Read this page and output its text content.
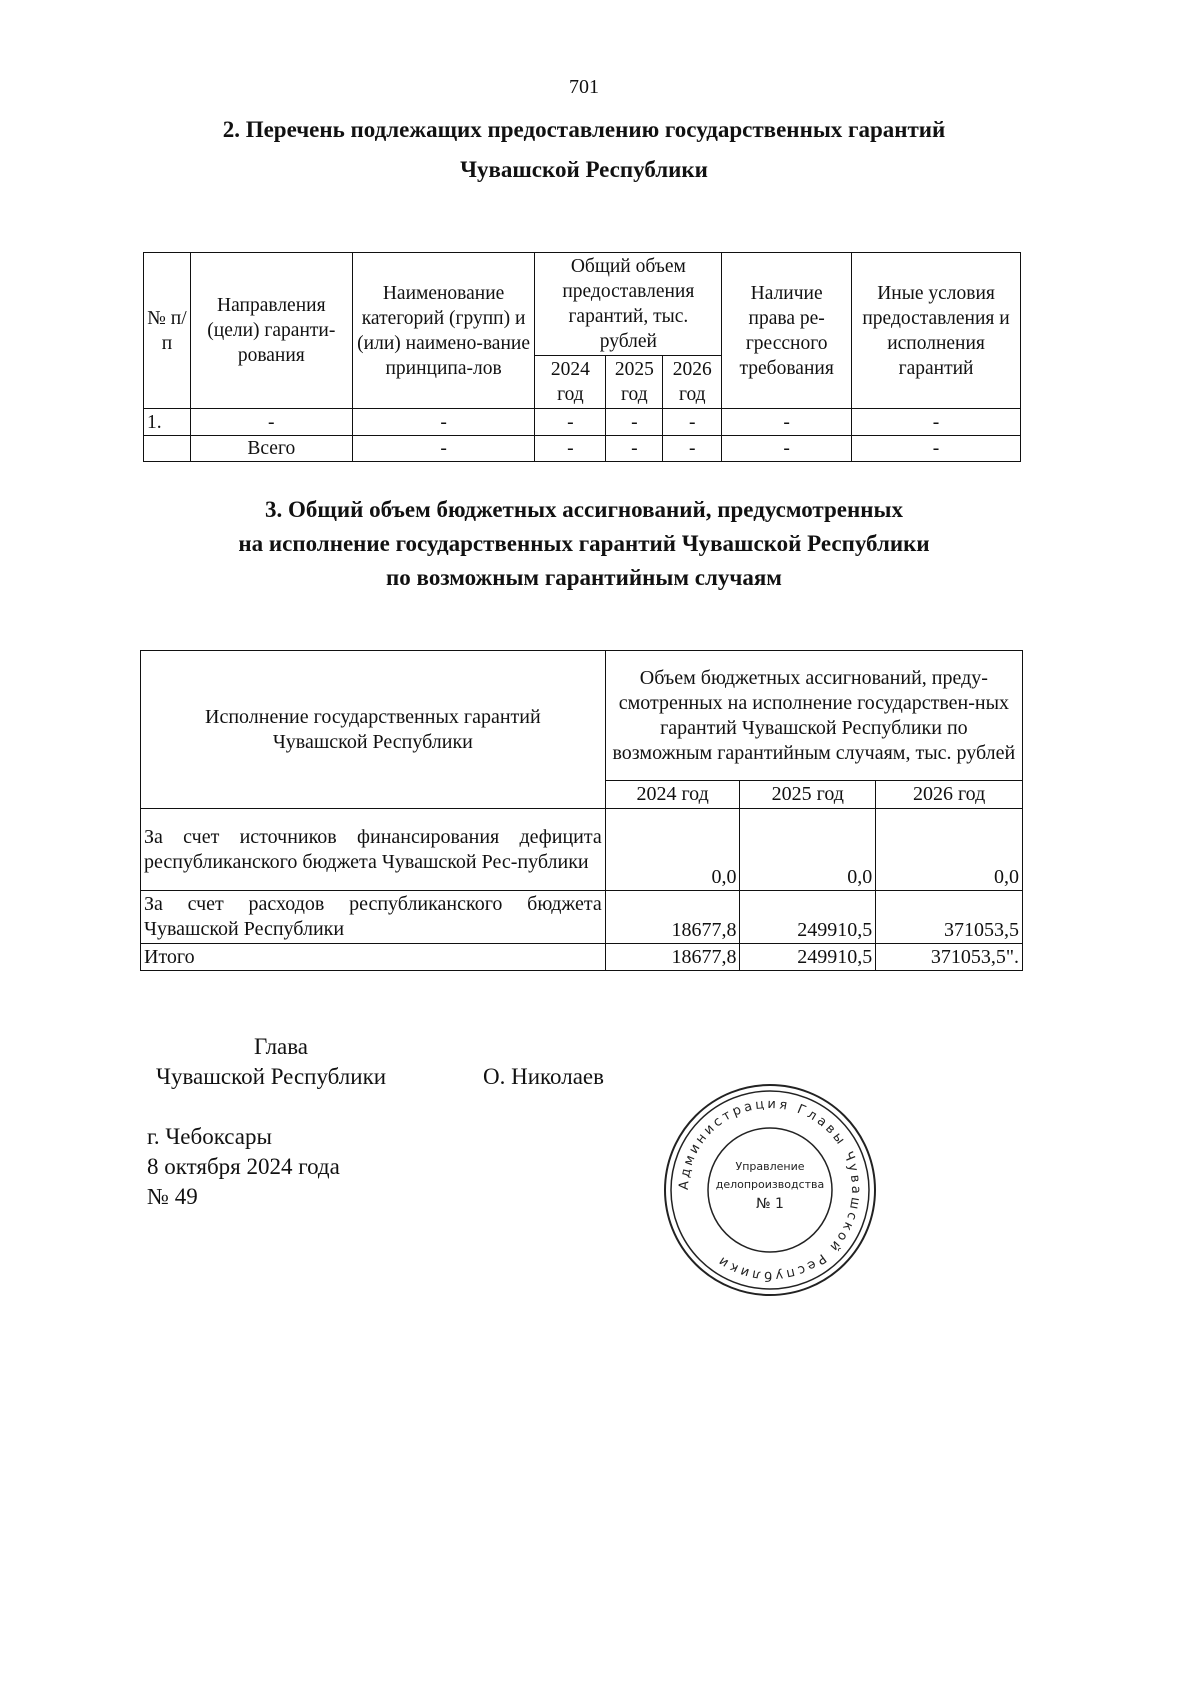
701
2. Перечень подлежащих предоставлению государственных гарантий
Чувашской Республики
№ п/п	Направления (цели) гаранти-рования	Наименование категорий (групп) и (или) наимено-вание принципа-лов	Общий объем предоставления гарантий, тыс. рублей			Наличие права ре-грессного требования	Иные условия предоставления и исполнения гарантий
			2024 год	2025 год	2026 год		
1.	-	-	-	-	-	-	-
	Всего	-	-	-	-	-	-
3. Общий объем бюджетных ассигнований, предусмотренных
на исполнение государственных гарантий Чувашской Республики
по возможным гарантийным случаям
Исполнение государственных гарантий Чувашской Республики	Объем бюджетных ассигнований, преду-смотренных на исполнение государствен-ных гарантий Чувашской Республики по возможным гарантийным случаям, тыс. рублей		
	2024 год	2025 год	2026 год
За счет источников финансирования дефицита республиканского бюджета Чувашской Рес-публики	0,0	0,0	0,0
За счет расходов республиканского бюджета Чувашской Республики	18677,8	249910,5	371053,5
Итого	18677,8	249910,5	371053,5".
Администрация Главы Чувашской Республики
Управление
делопроизводства
№ 1
Глава
Чувашской Республики	О. Николаев
г. Чебоксары
8 октября 2024 года
№ 49
